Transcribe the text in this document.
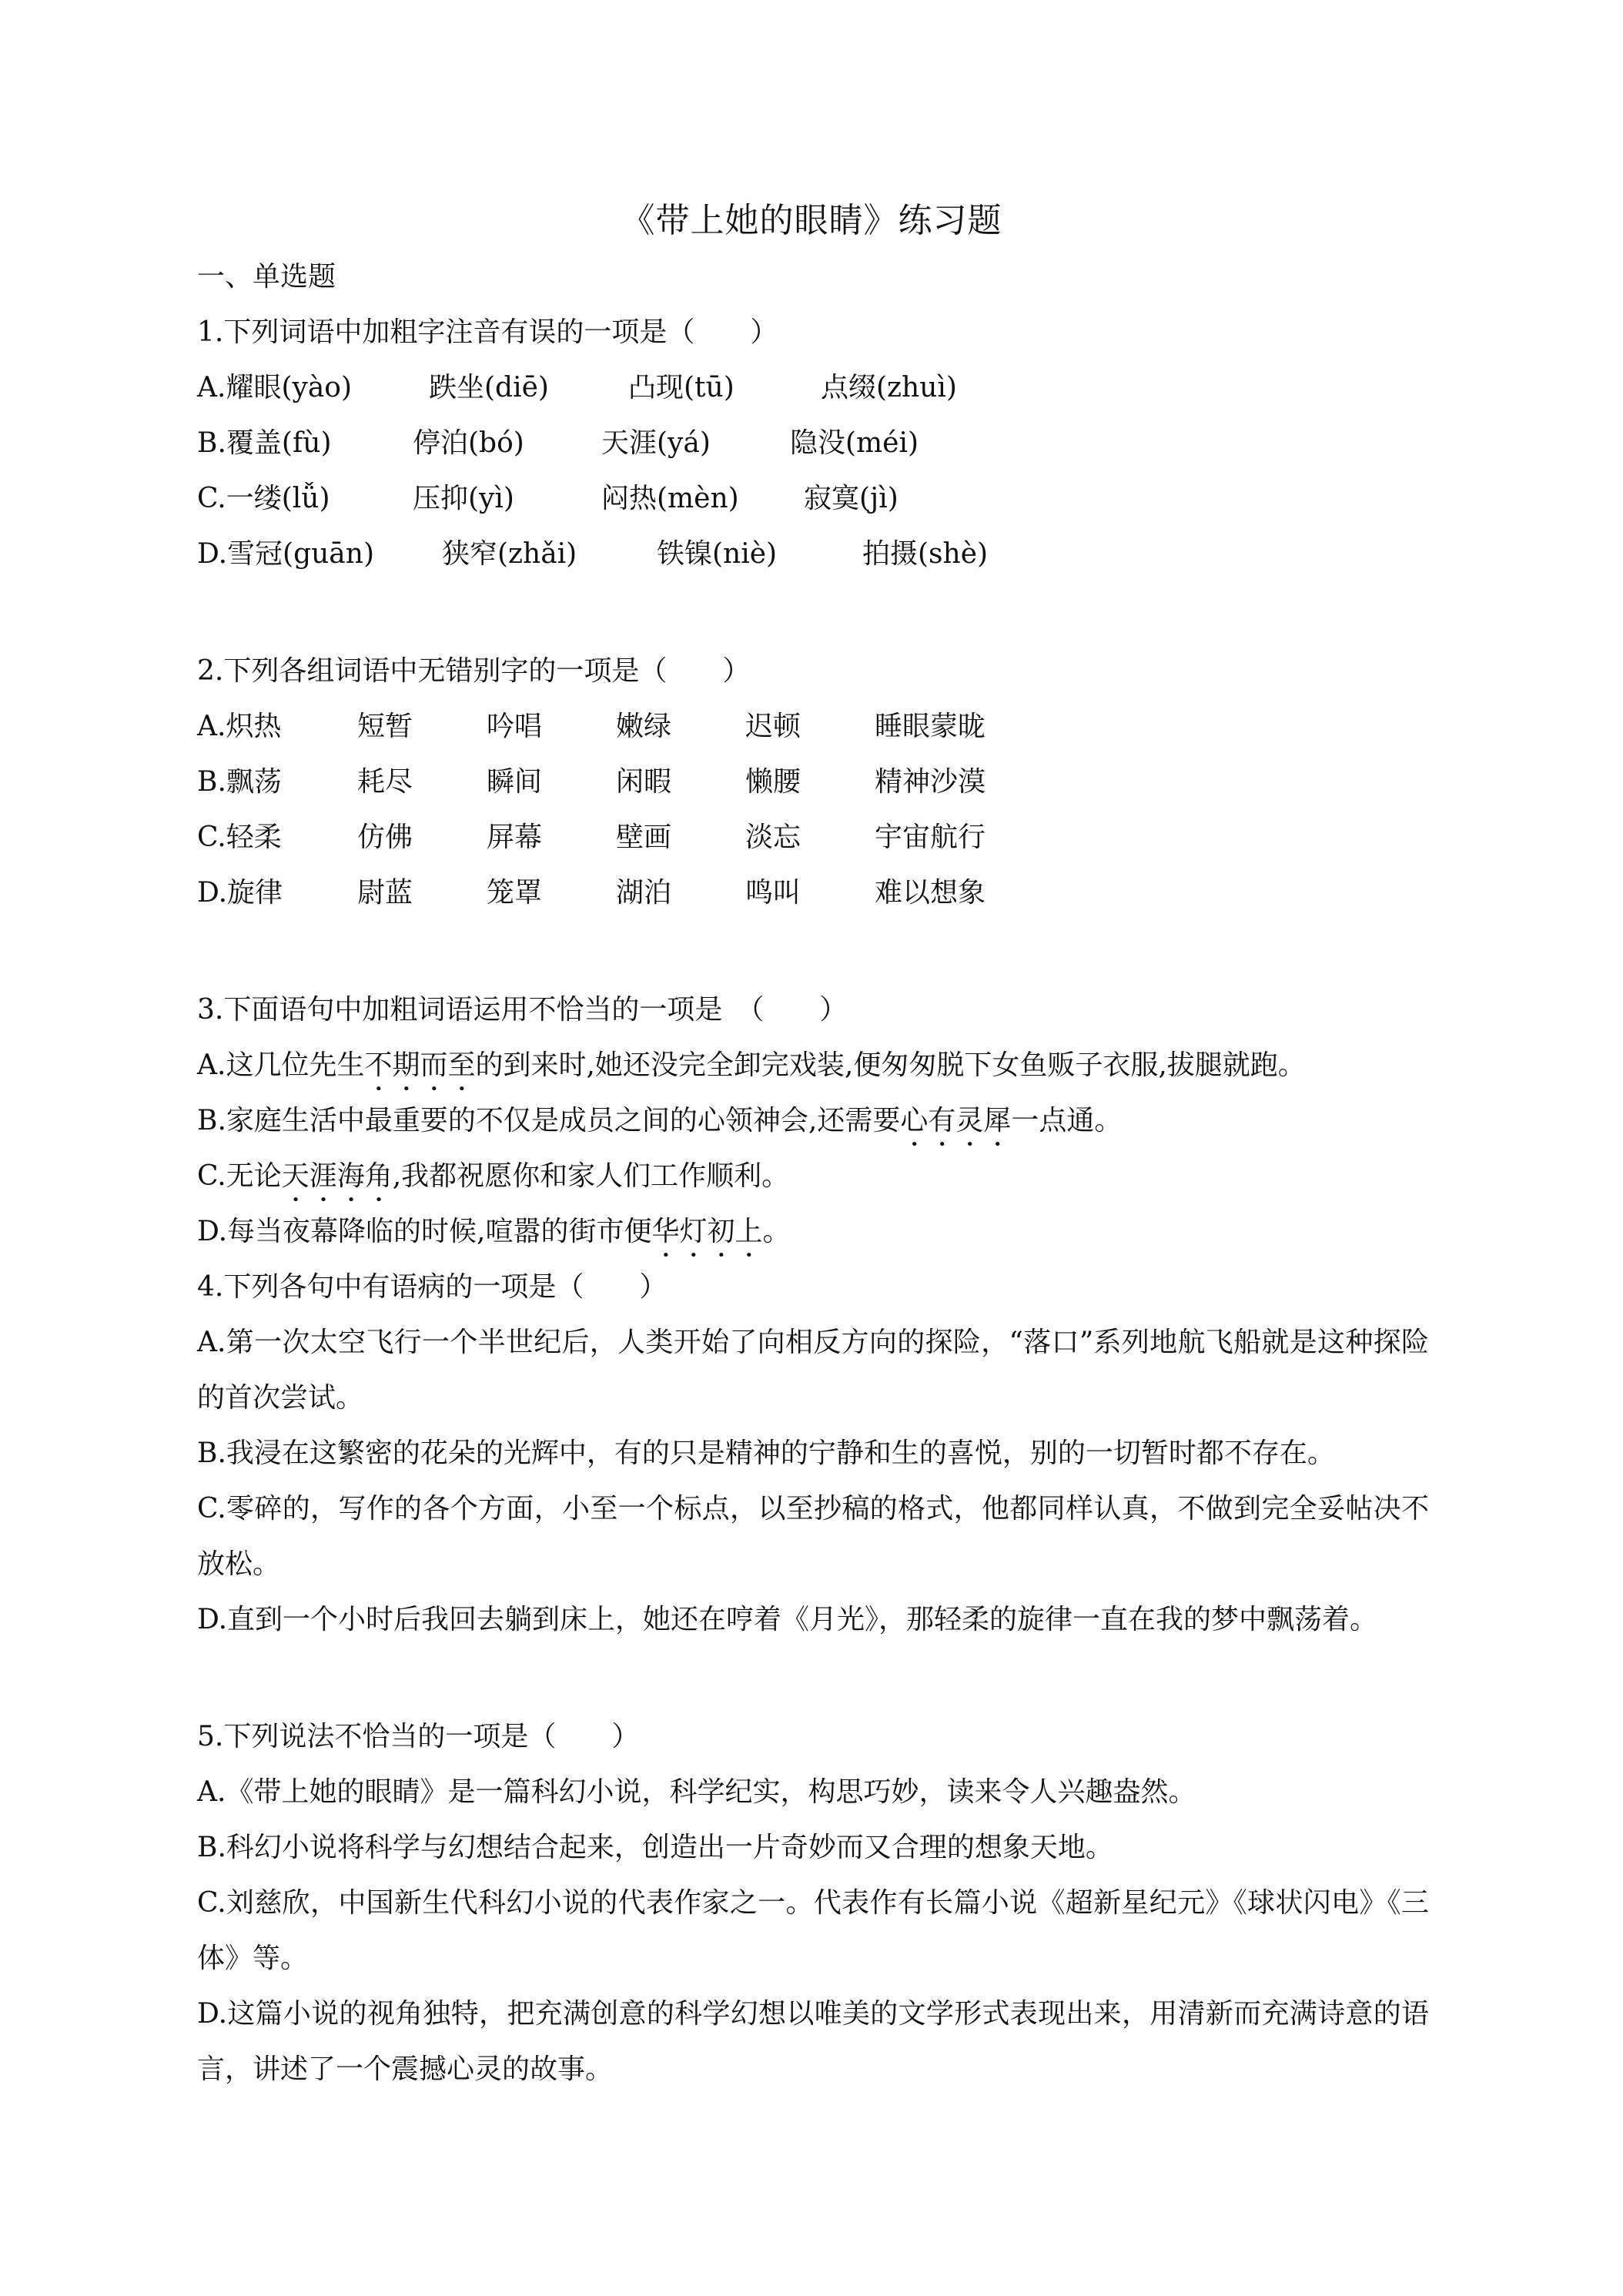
《带上她的眼睛》练习题
一、单选题
1.下列词语中加粗字注音有误的一项是（　　）
A.耀眼(yào)	跌坐(diē)	凸现(tū)	点缀(zhuì)
B.覆盖(fù)	停泊(bó)	天涯(yá)	隐没(méi)
C.一缕(lǚ)	压抑(yì)	闷热(mèn) 寂寞(jì)
D.雪冠(guān) 狭窄(zhǎi)	铁镍(niè)	拍摄(shè)
2.下列各组词语中无错别字的一项是（　　）
A.炽热	短暂	吟唱	嫩绿	迟顿	睡眼蒙昽
B.飘荡	耗尽	瞬间	闲暇	懒腰	精神沙漠
C.轻柔	仿佛	屏幕	壁画	淡忘	宇宙航行
D.旋律	尉蓝	笼罩	湖泊	鸣叫	难以想象
3.下面语句中加粗词语运用不恰当的一项是　（　　）
A.这几位先生不期而至的到来时,她还没完全卸完戏装,便匆匆脱下女鱼贩子衣服,拔腿就跑。
B.家庭生活中最重要的不仅是成员之间的心领神会,还需要心有灵犀一点通。
C.无论天涯海角,我都祝愿你和家人们工作顺利。
D.每当夜幕降临的时候,喧嚣的街市便华灯初上。
4.下列各句中有语病的一项是（　　）
A.第一次太空飞行一个半世纪后，人类开始了向相反方向的探险，“落口”系列地航飞船就是这种探险的首次尝试。
B.我浸在这繁密的花朵的光辉中，有的只是精神的宁静和生的喜悦，别的一切暂时都不存在。
C.零碎的，写作的各个方面，小至一个标点，以至抄稿的格式，他都同样认真，不做到完全妥帖决不放松。
D.直到一个小时后我回去躺到床上，她还在哼着《月光》，那轻柔的旋律一直在我的梦中飘荡着。
5.下列说法不恰当的一项是（　　）
A.《带上她的眼睛》是一篇科幻小说，科学纪实，构思巧妙，读来令人兴趣盎然。
B.科幻小说将科学与幻想结合起来，创造出一片奇妙而又合理的想象天地。
C.刘慈欣，中国新生代科幻小说的代表作家之一。代表作有长篇小说《超新星纪元》《球状闪电》《三体》等。
D.这篇小说的视角独特，把充满创意的科学幻想以唯美的文学形式表现出来，用清新而充满诗意的语言，讲述了一个震撼心灵的故事。
